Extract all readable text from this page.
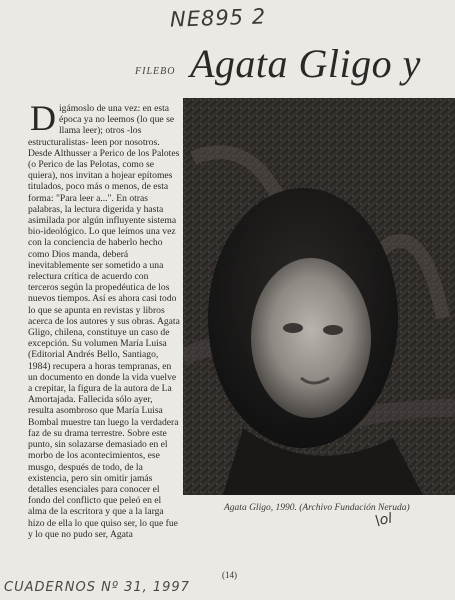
NE895 2
FILEBO Agata Gligo y
Digámoslo de una vez: en esta época ya no leemos (lo que se llama leer); otros -los estructuralistas- leen por nosotros. Desde Althusser a Perico de los Palotes (o Perico de las Pelotas, como se quiera), nos invitan a hojear epítomes titulados, poco más o menos, de esta forma: "Para leer a...". En otras palabras, la lectura digerida y hasta asimilada por algún influyente sistema bio-ideológico. Lo que leímos una vez con la conciencia de haberlo hecho como Dios manda, deberá inevitablemente ser sometido a una relectura crítica de acuerdo con terceros según la propedéutica de los nuevos tiempos. Así es ahora casi todo lo que se apunta en revistas y libros acerca de los autores y sus obras. Agata Gligo, chilena, constituye un caso de excepción. Su volumen María Luisa (Editorial Andrés Bello, Santiago, 1984) recupera a horas tempranas, en un documento en donde la vida vuelve a crepitar, la figura de la autora de La Amortajada. Fallecida sólo ayer, resulta asombroso que María Luisa Bombal muestre tan luego la verdadera faz de su drama terrestre. Sobre este punto, sin solazarse demasiado en el morbo de los acontecimientos, ese musgo, después de todo, de la existencia, pero sin omitir jamás detalles esenciales para conocer el fondo del conflicto que peleó en el alma de la escritora y que a la larga hizo de ella lo que quiso ser, lo que fue y lo que no pudo ser, Agata
Agata Gligo, 1990. (Archivo Fundación Neruda)
\ol
(14)
CUADERNOS Nº 31, 1997
